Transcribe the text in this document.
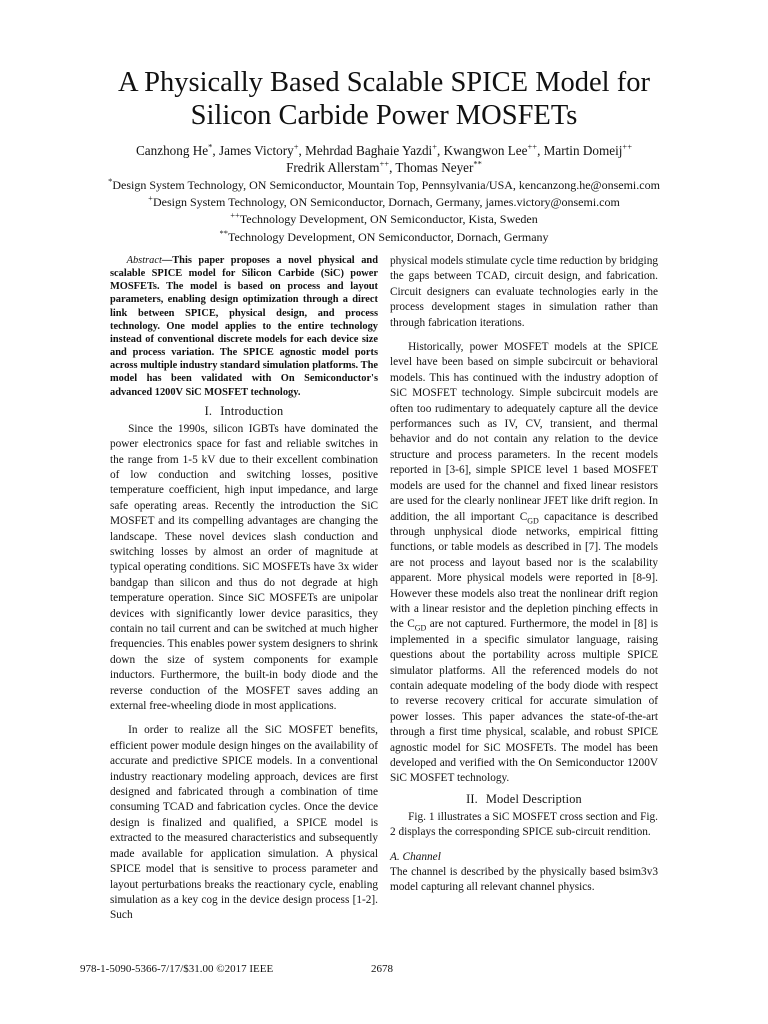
A Physically Based Scalable SPICE Model for
Silicon Carbide Power MOSFETs
Canzhong He*, James Victory+, Mehrdad Baghaie Yazdi+, Kwangwon Lee++, Martin Domeij++
Fredrik Allerstam++, Thomas Neyer**
*Design System Technology, ON Semiconductor, Mountain Top, Pennsylvania/USA, kencanzong.he@onsemi.com
+Design System Technology, ON Semiconductor, Dornach, Germany, james.victory@onsemi.com
++Technology Development, ON Semiconductor, Kista, Sweden
**Technology Development, ON Semiconductor, Dornach, Germany

Abstract—This paper proposes a novel physical and scalable SPICE model for Silicon Carbide (SiC) power MOSFETs. The model is based on process and layout parameters, enabling design optimization through a direct link between SPICE, physical design, and process technology. One model applies to the entire technology instead of conventional discrete models for each device size and process variation. The SPICE agnostic model ports across multiple industry standard simulation platforms. The model has been validated with On Semiconductor's advanced 1200V SiC MOSFET technology.

I. Introduction

Since the 1990s, silicon IGBTs have dominated the power electronics space for fast and reliable switches in the range from 1-5 kV due to their excellent combination of low conduction and switching losses, positive temperature coefficient, high input impedance, and large safe operating areas. Recently the introduction the SiC MOSFET and its compelling advantages are changing the landscape. These novel devices slash conduction and switching losses by almost an order of magnitude at typical operating conditions. SiC MOSFETs have 3x wider bandgap than silicon and thus do not degrade at high temperature operation. Since SiC MOSFETs are unipolar devices with significantly lower device parasitics, they contain no tail current and can be switched at much higher frequencies. This enables power system designers to shrink down the size of system components for example inductors. Furthermore, the built-in body diode and the reverse conduction of the MOSFET saves adding an external free-wheeling diode in most applications.

In order to realize all the SiC MOSFET benefits, efficient power module design hinges on the availability of accurate and predictive SPICE models. In a conventional industry reactionary modeling approach, devices are first designed and fabricated through a combination of time consuming TCAD and fabrication cycles. Once the device design is finalized and qualified, a SPICE model is extracted to the measured characteristics and subsequently made available for application simulation. A physical SPICE model that is sensitive to process parameter and layout perturbations breaks the reactionary cycle, enabling simulation as a key cog in the device design process [1-2]. Such

physical models stimulate cycle time reduction by bridging the gaps between TCAD, circuit design, and fabrication. Circuit designers can evaluate technologies early in the process development stages in simulation rather than through fabrication iterations.

Historically, power MOSFET models at the SPICE level have been based on simple subcircuit or behavioral models. This has continued with the industry adoption of SiC MOSFET technology. Simple subcircuit models are often too rudimentary to adequately capture all the device performances such as IV, CV, transient, and thermal behavior and do not contain any relation to the device structure and process parameters. In the recent models reported in [3-6], simple SPICE level 1 based MOSFET models are used for the channel and fixed linear resistors are used for the clearly nonlinear JFET like drift region. In addition, the all important $C_{GD}$ capacitance is described through unphysical diode networks, empirical fitting functions, or table models as described in [7]. The models are not process and layout based nor is the scalability apparent. More physical models were reported in [8-9]. However these models also treat the nonlinear drift region with a linear resistor and the depletion pinching effects in the $C_{GD}$ are not captured. Furthermore, the model in [8] is implemented in a specific simulator language, raising questions about the portability across multiple SPICE simulator platforms. All the referenced models do not contain adequate modeling of the body diode with respect to reverse recovery critical for accurate simulation of power losses. This paper advances the state-of-the-art through a first time physical, scalable, and robust SPICE agnostic model for SiC MOSFETs. The model has been developed and verified with the On Semiconductor 1200V SiC MOSFET technology.

II. Model Description

Fig. 1 illustrates a SiC MOSFET cross section and Fig. 2 displays the corresponding SPICE sub-circuit rendition.

A. Channel

The channel is described by the physically based bsim3v3 model capturing all relevant channel physics.

978-1-5090-5366-7/17/$31.00 ©2017 IEEE	2678
